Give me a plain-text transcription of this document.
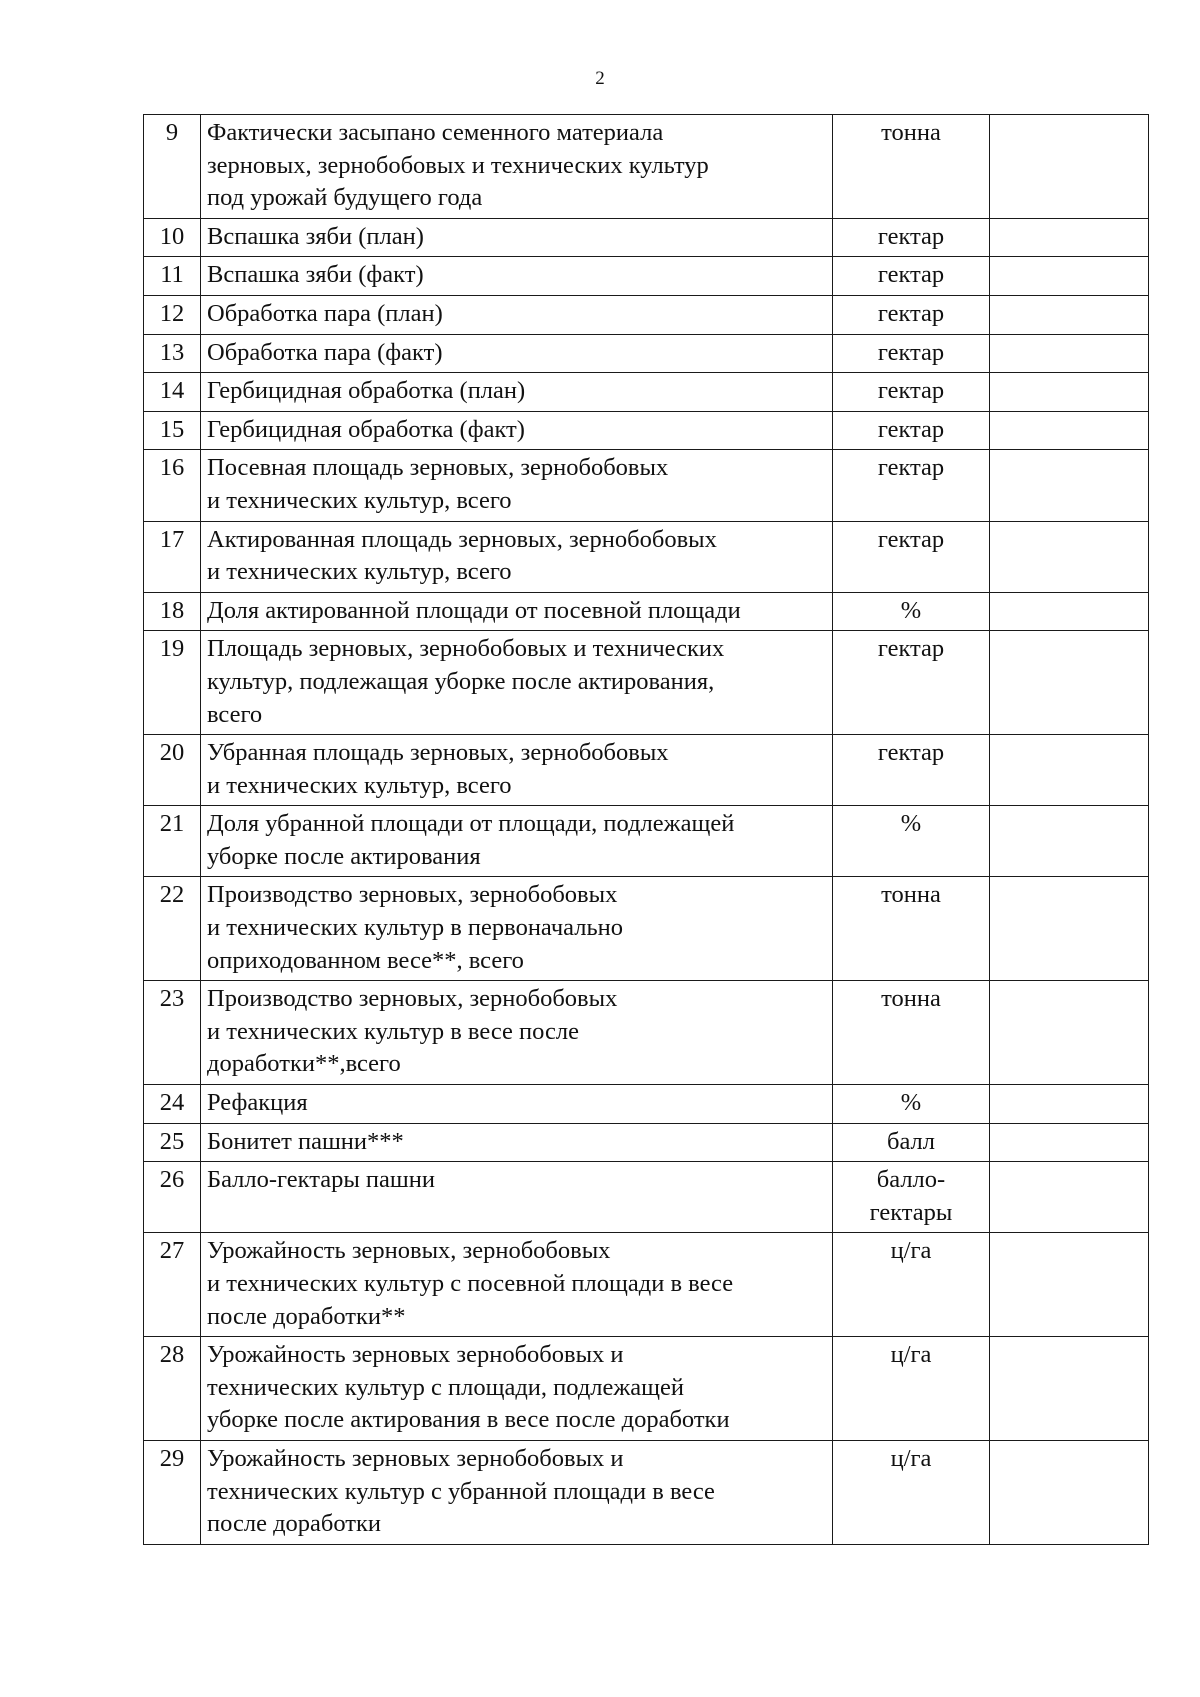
2
9	Фактически засыпано семенного материала
зерновых, зернобобовых и технических культур
под урожай будущего года	тонна	

10	Вспашка зяби (план)	гектар	

11	Вспашка зяби (факт)	гектар	

12	Обработка пара (план)	гектар	

13	Обработка пара (факт)	гектар	

14	Гербицидная обработка (план)	гектар	

15	Гербицидная обработка (факт)	гектар	

16	Посевная площадь зерновых, зернобобовых
и технических культур, всего	гектар	

17	Актированная площадь зерновых, зернобобовых
и технических культур, всего	гектар	

18	Доля актированной площади от посевной площади	%	

19	Площадь зерновых, зернобобовых и технических
культур, подлежащая уборке после актирования,
всего	гектар	

20	Убранная площадь зерновых, зернобобовых
и технических культур, всего	гектар	

21	Доля убранной площади от площади, подлежащей
уборке после актирования	%	

22	Производство зерновых, зернобобовых
и технических культур в первоначально
оприходованном весе**, всего	тонна	

23	Производство зерновых, зернобобовых
и технических культур в весе после
доработки**,всего	тонна	

24	Рефакция	%	

25	Бонитет пашни***	балл	

26	Балло-гектары пашни	балло-
гектары	

27	Урожайность зерновых, зернобобовых
и технических культур с посевной площади в весе
после доработки**	ц/га	

28	Урожайность зерновых зернобобовых и
технических культур с площади, подлежащей
уборке после актирования в весе после доработки	ц/га	

29	Урожайность зерновых зернобобовых и
технических культур с убранной площади в весе
после доработки	ц/га	
